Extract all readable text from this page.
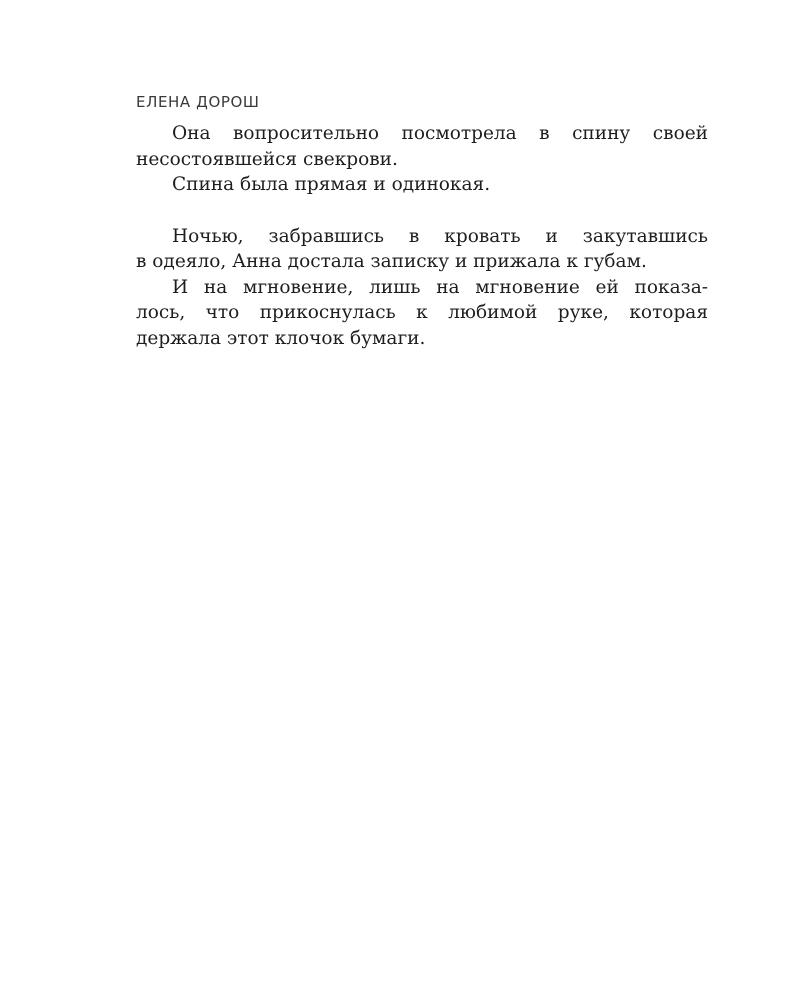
ЕЛЕНА ДОРОШ
Она вопросительно посмотрела в спину своей
несостоявшейся свекрови.
Спина была прямая и одинокая.
Ночью, забравшись в кровать и закутавшись
в одеяло, Анна достала записку и прижала к губам.
И на мгновение, лишь на мгновение ей показа-
лось, что прикоснулась к любимой руке, которая
держала этот клочок бумаги.
